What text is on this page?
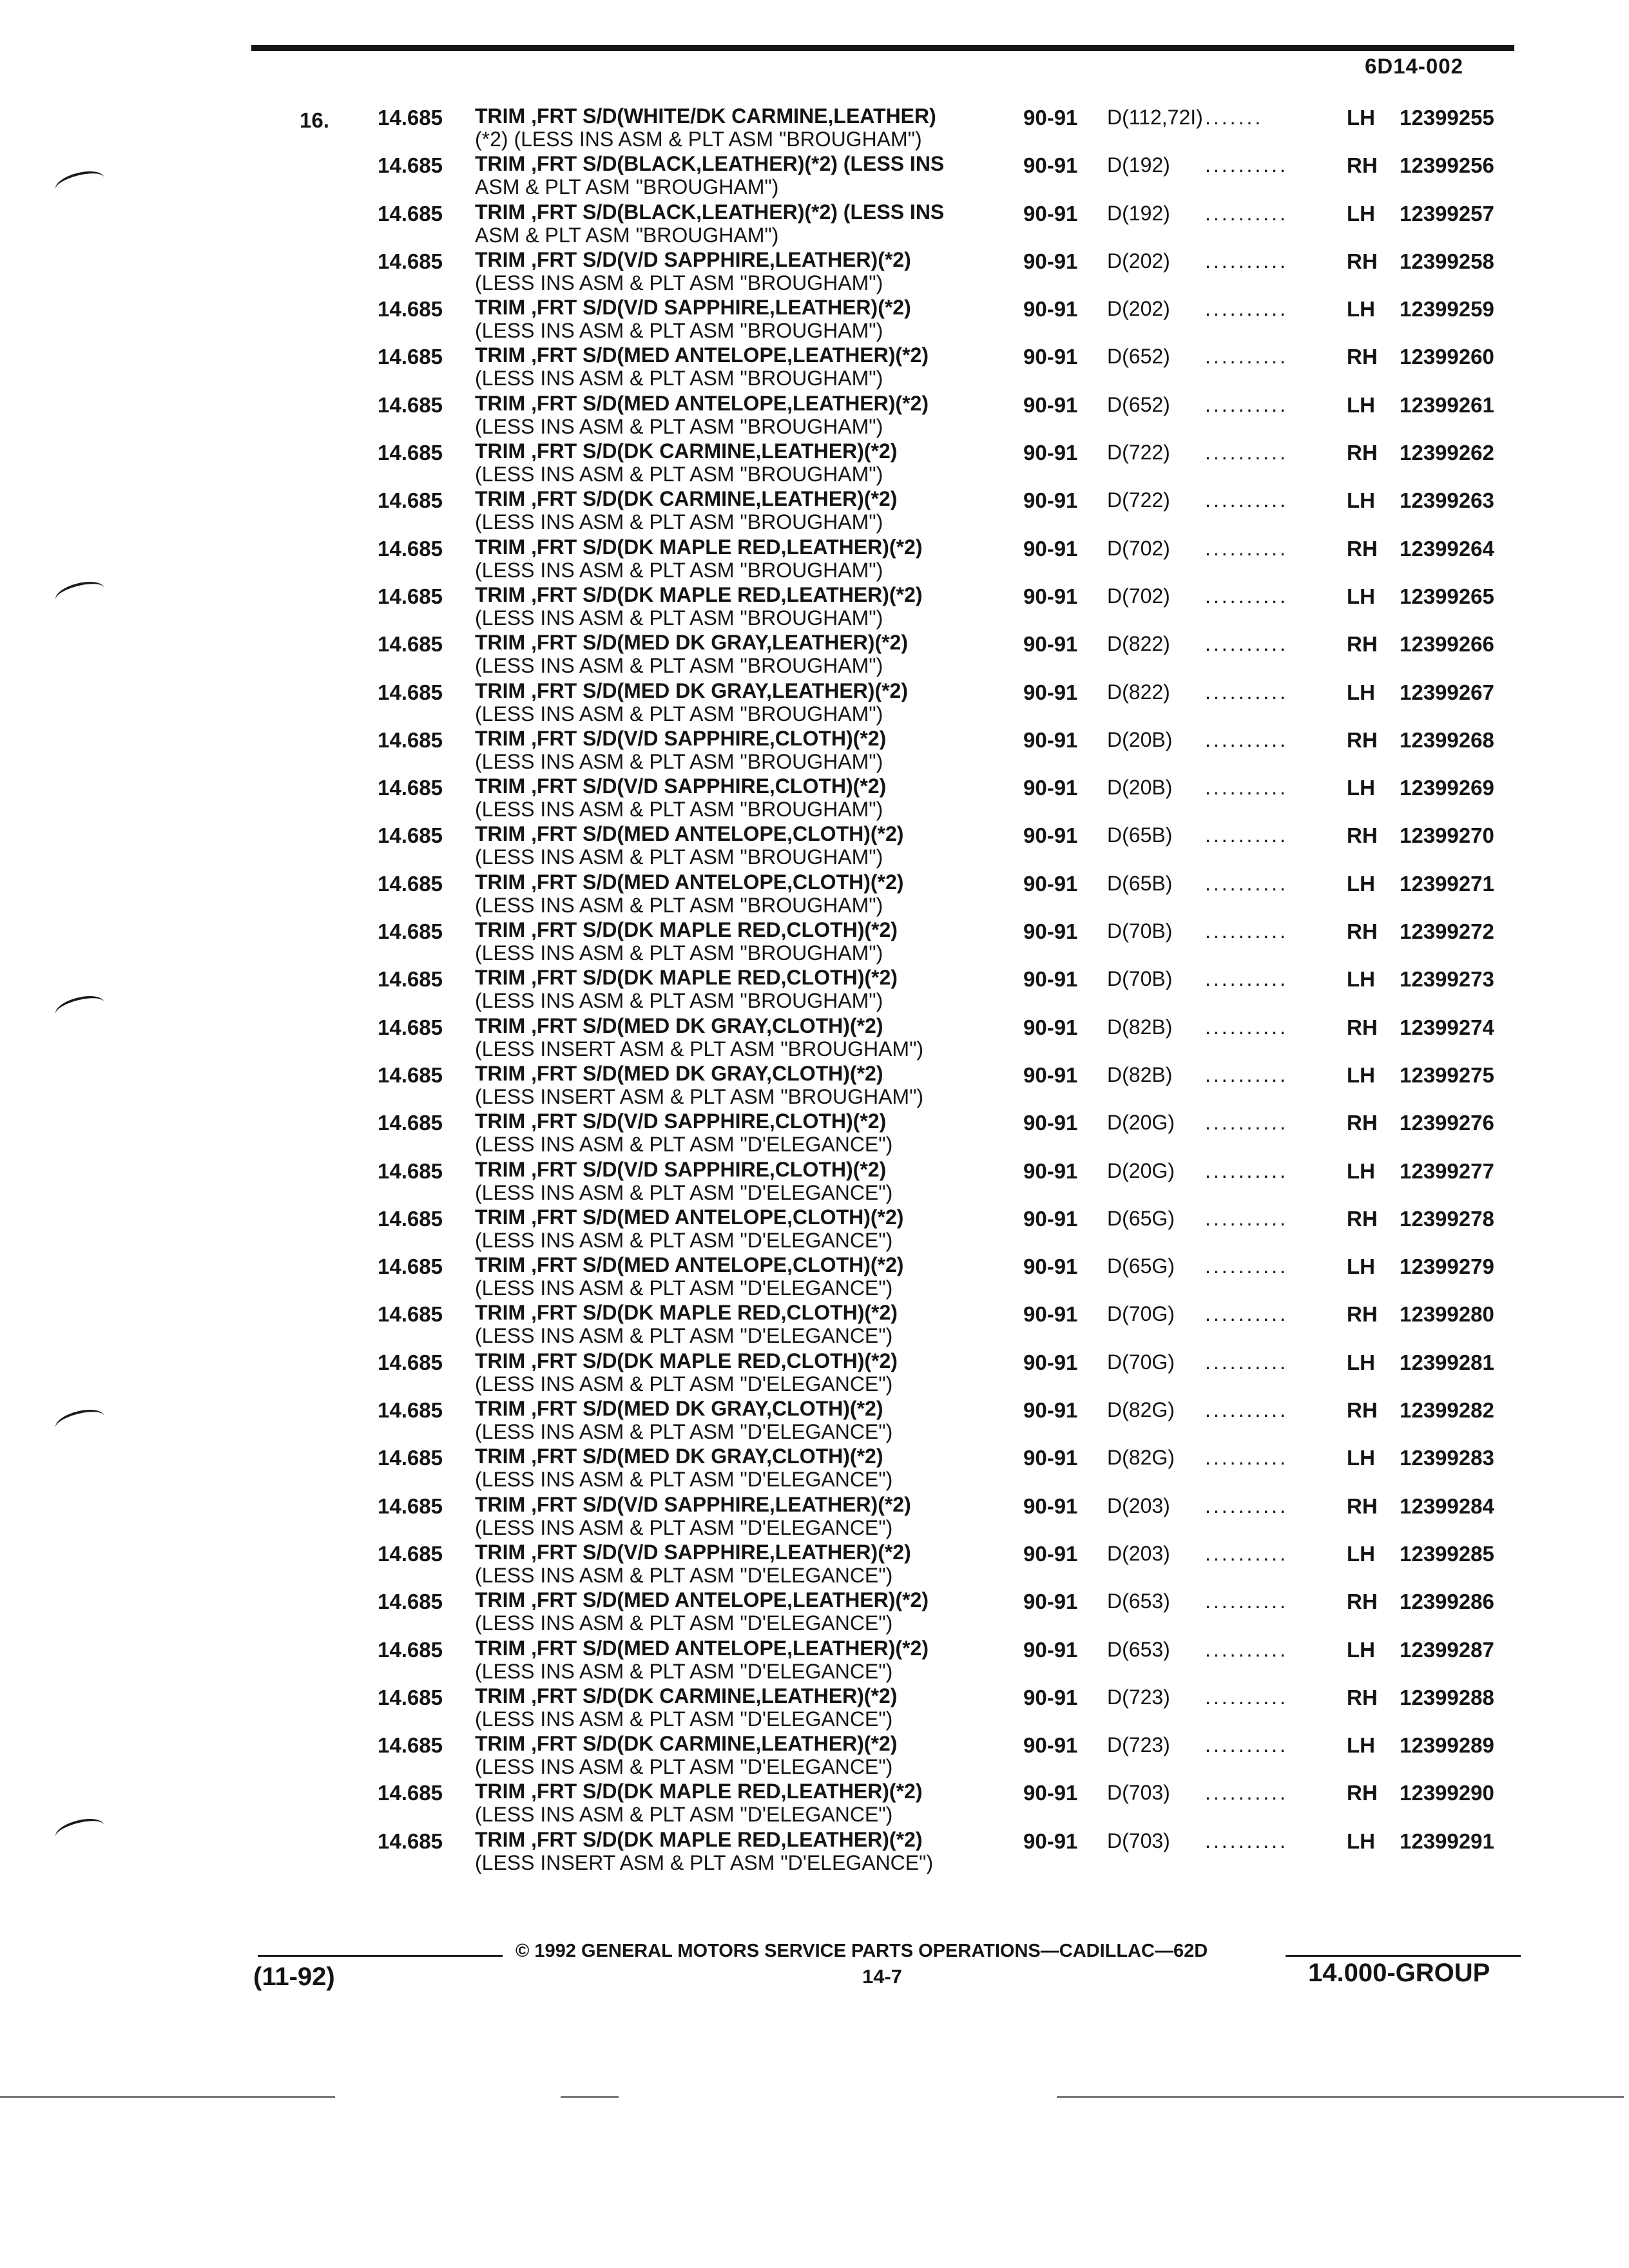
6D14-002
16. 14.685 TRIM ,FRT S/D(WHITE/DK CARMINE,LEATHER)
(*2) (LESS INS ASM & PLT ASM "BROUGHAM")
90-91 D(112,72I) .......	LH 12399255
14.685 TRIM ,FRT S/D(BLACK,LEATHER)(*2) (LESS INS
ASM & PLT ASM "BROUGHAM")
90-91 D(192) ..........	RH 12399256
14.685 TRIM ,FRT S/D(BLACK,LEATHER)(*2) (LESS INS
ASM & PLT ASM "BROUGHAM")
90-91 D(192) ..........	LH 12399257
14.685 TRIM ,FRT S/D(V/D SAPPHIRE,LEATHER)(*2)
(LESS INS ASM & PLT ASM "BROUGHAM")
90-91 D(202) ..........	RH 12399258
14.685 TRIM ,FRT S/D(V/D SAPPHIRE,LEATHER)(*2)
(LESS INS ASM & PLT ASM "BROUGHAM")
90-91 D(202) ..........	LH 12399259
14.685 TRIM ,FRT S/D(MED ANTELOPE,LEATHER)(*2)
(LESS INS ASM & PLT ASM "BROUGHAM")
90-91 D(652) ..........	RH 12399260
14.685 TRIM ,FRT S/D(MED ANTELOPE,LEATHER)(*2)
(LESS INS ASM & PLT ASM "BROUGHAM")
90-91 D(652) ..........	LH 12399261
14.685 TRIM ,FRT S/D(DK CARMINE,LEATHER)(*2)
(LESS INS ASM & PLT ASM "BROUGHAM")
90-91 D(722) ..........	RH 12399262
14.685 TRIM ,FRT S/D(DK CARMINE,LEATHER)(*2)
(LESS INS ASM & PLT ASM "BROUGHAM")
90-91 D(722) ..........	LH 12399263
14.685 TRIM ,FRT S/D(DK MAPLE RED,LEATHER)(*2)
(LESS INS ASM & PLT ASM "BROUGHAM")
90-91 D(702) ..........	RH 12399264
14.685 TRIM ,FRT S/D(DK MAPLE RED,LEATHER)(*2)
(LESS INS ASM & PLT ASM "BROUGHAM")
90-91 D(702) ..........	LH 12399265
14.685 TRIM ,FRT S/D(MED DK GRAY,LEATHER)(*2)
(LESS INS ASM & PLT ASM "BROUGHAM")
90-91 D(822) ..........	RH 12399266
14.685 TRIM ,FRT S/D(MED DK GRAY,LEATHER)(*2)
(LESS INS ASM & PLT ASM "BROUGHAM")
90-91 D(822) ..........	LH 12399267
14.685 TRIM ,FRT S/D(V/D SAPPHIRE,CLOTH)(*2)
(LESS INS ASM & PLT ASM "BROUGHAM")
90-91 D(20B) ..........	RH 12399268
14.685 TRIM ,FRT S/D(V/D SAPPHIRE,CLOTH)(*2)
(LESS INS ASM & PLT ASM "BROUGHAM")
90-91 D(20B) ..........	LH 12399269
14.685 TRIM ,FRT S/D(MED ANTELOPE,CLOTH)(*2)
(LESS INS ASM & PLT ASM "BROUGHAM")
90-91 D(65B) ..........	RH 12399270
14.685 TRIM ,FRT S/D(MED ANTELOPE,CLOTH)(*2)
(LESS INS ASM & PLT ASM "BROUGHAM")
90-91 D(65B) ..........	LH 12399271
14.685 TRIM ,FRT S/D(DK MAPLE RED,CLOTH)(*2)
(LESS INS ASM & PLT ASM "BROUGHAM")
90-91 D(70B) ..........	RH 12399272
14.685 TRIM ,FRT S/D(DK MAPLE RED,CLOTH)(*2)
(LESS INS ASM & PLT ASM "BROUGHAM")
90-91 D(70B) ..........	LH 12399273
14.685 TRIM ,FRT S/D(MED DK GRAY,CLOTH)(*2)
(LESS INSERT ASM & PLT ASM "BROUGHAM")
90-91 D(82B) ..........	RH 12399274
14.685 TRIM ,FRT S/D(MED DK GRAY,CLOTH)(*2)
(LESS INSERT ASM & PLT ASM "BROUGHAM")
90-91 D(82B) ..........	LH 12399275
14.685 TRIM ,FRT S/D(V/D SAPPHIRE,CLOTH)(*2)
(LESS INS ASM & PLT ASM "D'ELEGANCE")
90-91 D(20G) ..........	RH 12399276
14.685 TRIM ,FRT S/D(V/D SAPPHIRE,CLOTH)(*2)
(LESS INS ASM & PLT ASM "D'ELEGANCE")
90-91 D(20G) ..........	LH 12399277
14.685 TRIM ,FRT S/D(MED ANTELOPE,CLOTH)(*2)
(LESS INS ASM & PLT ASM "D'ELEGANCE")
90-91 D(65G) ..........	RH 12399278
14.685 TRIM ,FRT S/D(MED ANTELOPE,CLOTH)(*2)
(LESS INS ASM & PLT ASM "D'ELEGANCE")
90-91 D(65G) ..........	LH 12399279
14.685 TRIM ,FRT S/D(DK MAPLE RED,CLOTH)(*2)
(LESS INS ASM & PLT ASM "D'ELEGANCE")
90-91 D(70G) ..........	RH 12399280
14.685 TRIM ,FRT S/D(DK MAPLE RED,CLOTH)(*2)
(LESS INS ASM & PLT ASM "D'ELEGANCE")
90-91 D(70G) ..........	LH 12399281
14.685 TRIM ,FRT S/D(MED DK GRAY,CLOTH)(*2)
(LESS INS ASM & PLT ASM "D'ELEGANCE")
90-91 D(82G) ..........	RH 12399282
14.685 TRIM ,FRT S/D(MED DK GRAY,CLOTH)(*2)
(LESS INS ASM & PLT ASM "D'ELEGANCE")
90-91 D(82G) ..........	LH 12399283
14.685 TRIM ,FRT S/D(V/D SAPPHIRE,LEATHER)(*2)
(LESS INS ASM & PLT ASM "D'ELEGANCE")
90-91 D(203) ..........	RH 12399284
14.685 TRIM ,FRT S/D(V/D SAPPHIRE,LEATHER)(*2)
(LESS INS ASM & PLT ASM "D'ELEGANCE")
90-91 D(203) ..........	LH 12399285
14.685 TRIM ,FRT S/D(MED ANTELOPE,LEATHER)(*2)
(LESS INS ASM & PLT ASM "D'ELEGANCE")
90-91 D(653) ..........	RH 12399286
14.685 TRIM ,FRT S/D(MED ANTELOPE,LEATHER)(*2)
(LESS INS ASM & PLT ASM "D'ELEGANCE")
90-91 D(653) ..........	LH 12399287
14.685 TRIM ,FRT S/D(DK CARMINE,LEATHER)(*2)
(LESS INS ASM & PLT ASM "D'ELEGANCE")
90-91 D(723) ..........	RH 12399288
14.685 TRIM ,FRT S/D(DK CARMINE,LEATHER)(*2)
(LESS INS ASM & PLT ASM "D'ELEGANCE")
90-91 D(723) ..........	LH 12399289
14.685 TRIM ,FRT S/D(DK MAPLE RED,LEATHER)(*2)
(LESS INS ASM & PLT ASM "D'ELEGANCE")
90-91 D(703) ..........	RH 12399290
14.685 TRIM ,FRT S/D(DK MAPLE RED,LEATHER)(*2)
(LESS INSERT ASM & PLT ASM "D'ELEGANCE")
90-91 D(703) ..........	LH 12399291
© 1992 GENERAL MOTORS SERVICE PARTS OPERATIONS—CADILLAC—62D
14-7
(11-92)	14.000-GROUP
